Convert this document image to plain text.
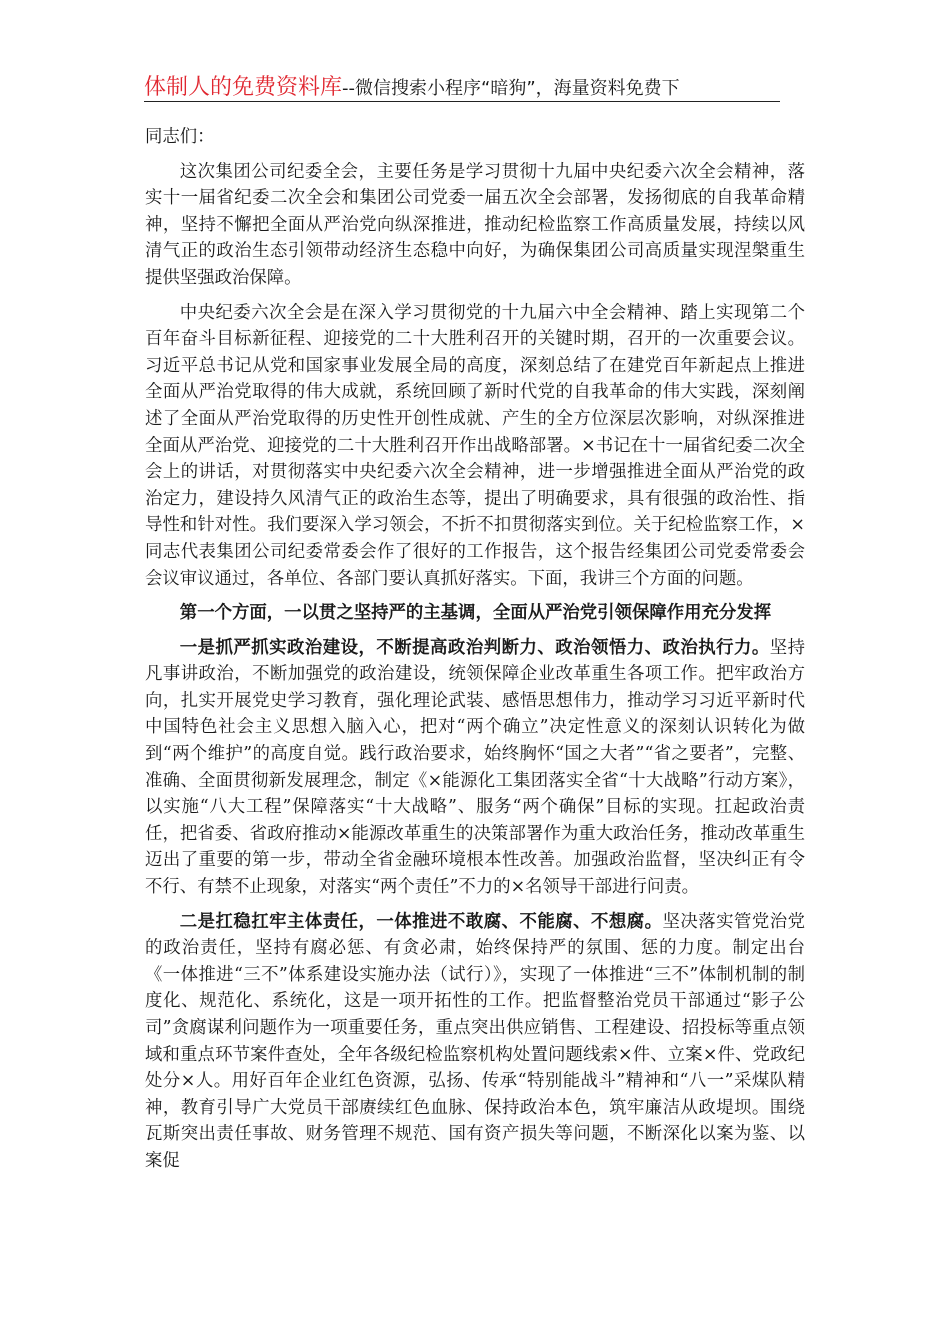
体制人的免费资料库--微信搜索小程序“暗狗”，海量资料免费下

同志们：

这次集团公司纪委全会，主要任务是学习贯彻十九届中央纪委六次全会精神，落实十一届省纪委二次全会和集团公司党委一届五次全会部署，发扬彻底的自我革命精神，坚持不懈把全面从严治党向纵深推进，推动纪检监察工作高质量发展，持续以风清气正的政治生态引领带动经济生态稳中向好，为确保集团公司高质量实现涅槃重生提供坚强政治保障。

中央纪委六次全会是在深入学习贯彻党的十九届六中全会精神、踏上实现第二个百年奋斗目标新征程、迎接党的二十大胜利召开的关键时期，召开的一次重要会议。习近平总书记从党和国家事业发展全局的高度，深刻总结了在建党百年新起点上推进全面从严治党取得的伟大成就，系统回顾了新时代党的自我革命的伟大实践，深刻阐述了全面从严治党取得的历史性开创性成就、产生的全方位深层次影响，对纵深推进全面从严治党、迎接党的二十大胜利召开作出战略部署。×书记在十一届省纪委二次全会上的讲话，对贯彻落实中央纪委六次全会精神，进一步增强推进全面从严治党的政治定力，建设持久风清气正的政治生态等，提出了明确要求，具有很强的政治性、指导性和针对性。我们要深入学习领会，不折不扣贯彻落实到位。关于纪检监察工作，×同志代表集团公司纪委常委会作了很好的工作报告，这个报告经集团公司党委常委会会议审议通过，各单位、各部门要认真抓好落实。下面，我讲三个方面的问题。

第一个方面，一以贯之坚持严的主基调，全面从严治党引领保障作用充分发挥

一是抓严抓实政治建设，不断提高政治判断力、政治领悟力、政治执行力。坚持凡事讲政治，不断加强党的政治建设，统领保障企业改革重生各项工作。把牢政治方向，扎实开展党史学习教育，强化理论武装、感悟思想伟力，推动学习习近平新时代中国特色社会主义思想入脑入心，把对“两个确立”决定性意义的深刻认识转化为做到“两个维护”的高度自觉。践行政治要求，始终胸怀“国之大者”“省之要者”，完整、准确、全面贯彻新发展理念，制定《×能源化工集团落实全省“十大战略”行动方案》，以实施“八大工程”保障落实“十大战略”、服务“两个确保”目标的实现。扛起政治责任，把省委、省政府推动×能源改革重生的决策部署作为重大政治任务，推动改革重生迈出了重要的第一步，带动全省金融环境根本性改善。加强政治监督，坚决纠正有令不行、有禁不止现象，对落实“两个责任”不力的×名领导干部进行问责。

二是扛稳扛牢主体责任，一体推进不敢腐、不能腐、不想腐。坚决落实管党治党的政治责任，坚持有腐必惩、有贪必肃，始终保持严的氛围、惩的力度。制定出台《一体推进“三不”体系建设实施办法（试行）》，实现了一体推进“三不”体制机制的制度化、规范化、系统化，这是一项开拓性的工作。把监督整治党员干部通过“影子公司”贪腐谋利问题作为一项重要任务，重点突出供应销售、工程建设、招投标等重点领域和重点环节案件查处，全年各级纪检监察机构处置问题线索×件、立案×件、党政纪处分×人。用好百年企业红色资源，弘扬、传承“特别能战斗”精神和“八一”采煤队精神，教育引导广大党员干部赓续红色血脉、保持政治本色，筑牢廉洁从政堤坝。围绕瓦斯突出责任事故、财务管理不规范、国有资产损失等问题，不断深化以案为鉴、以案促
